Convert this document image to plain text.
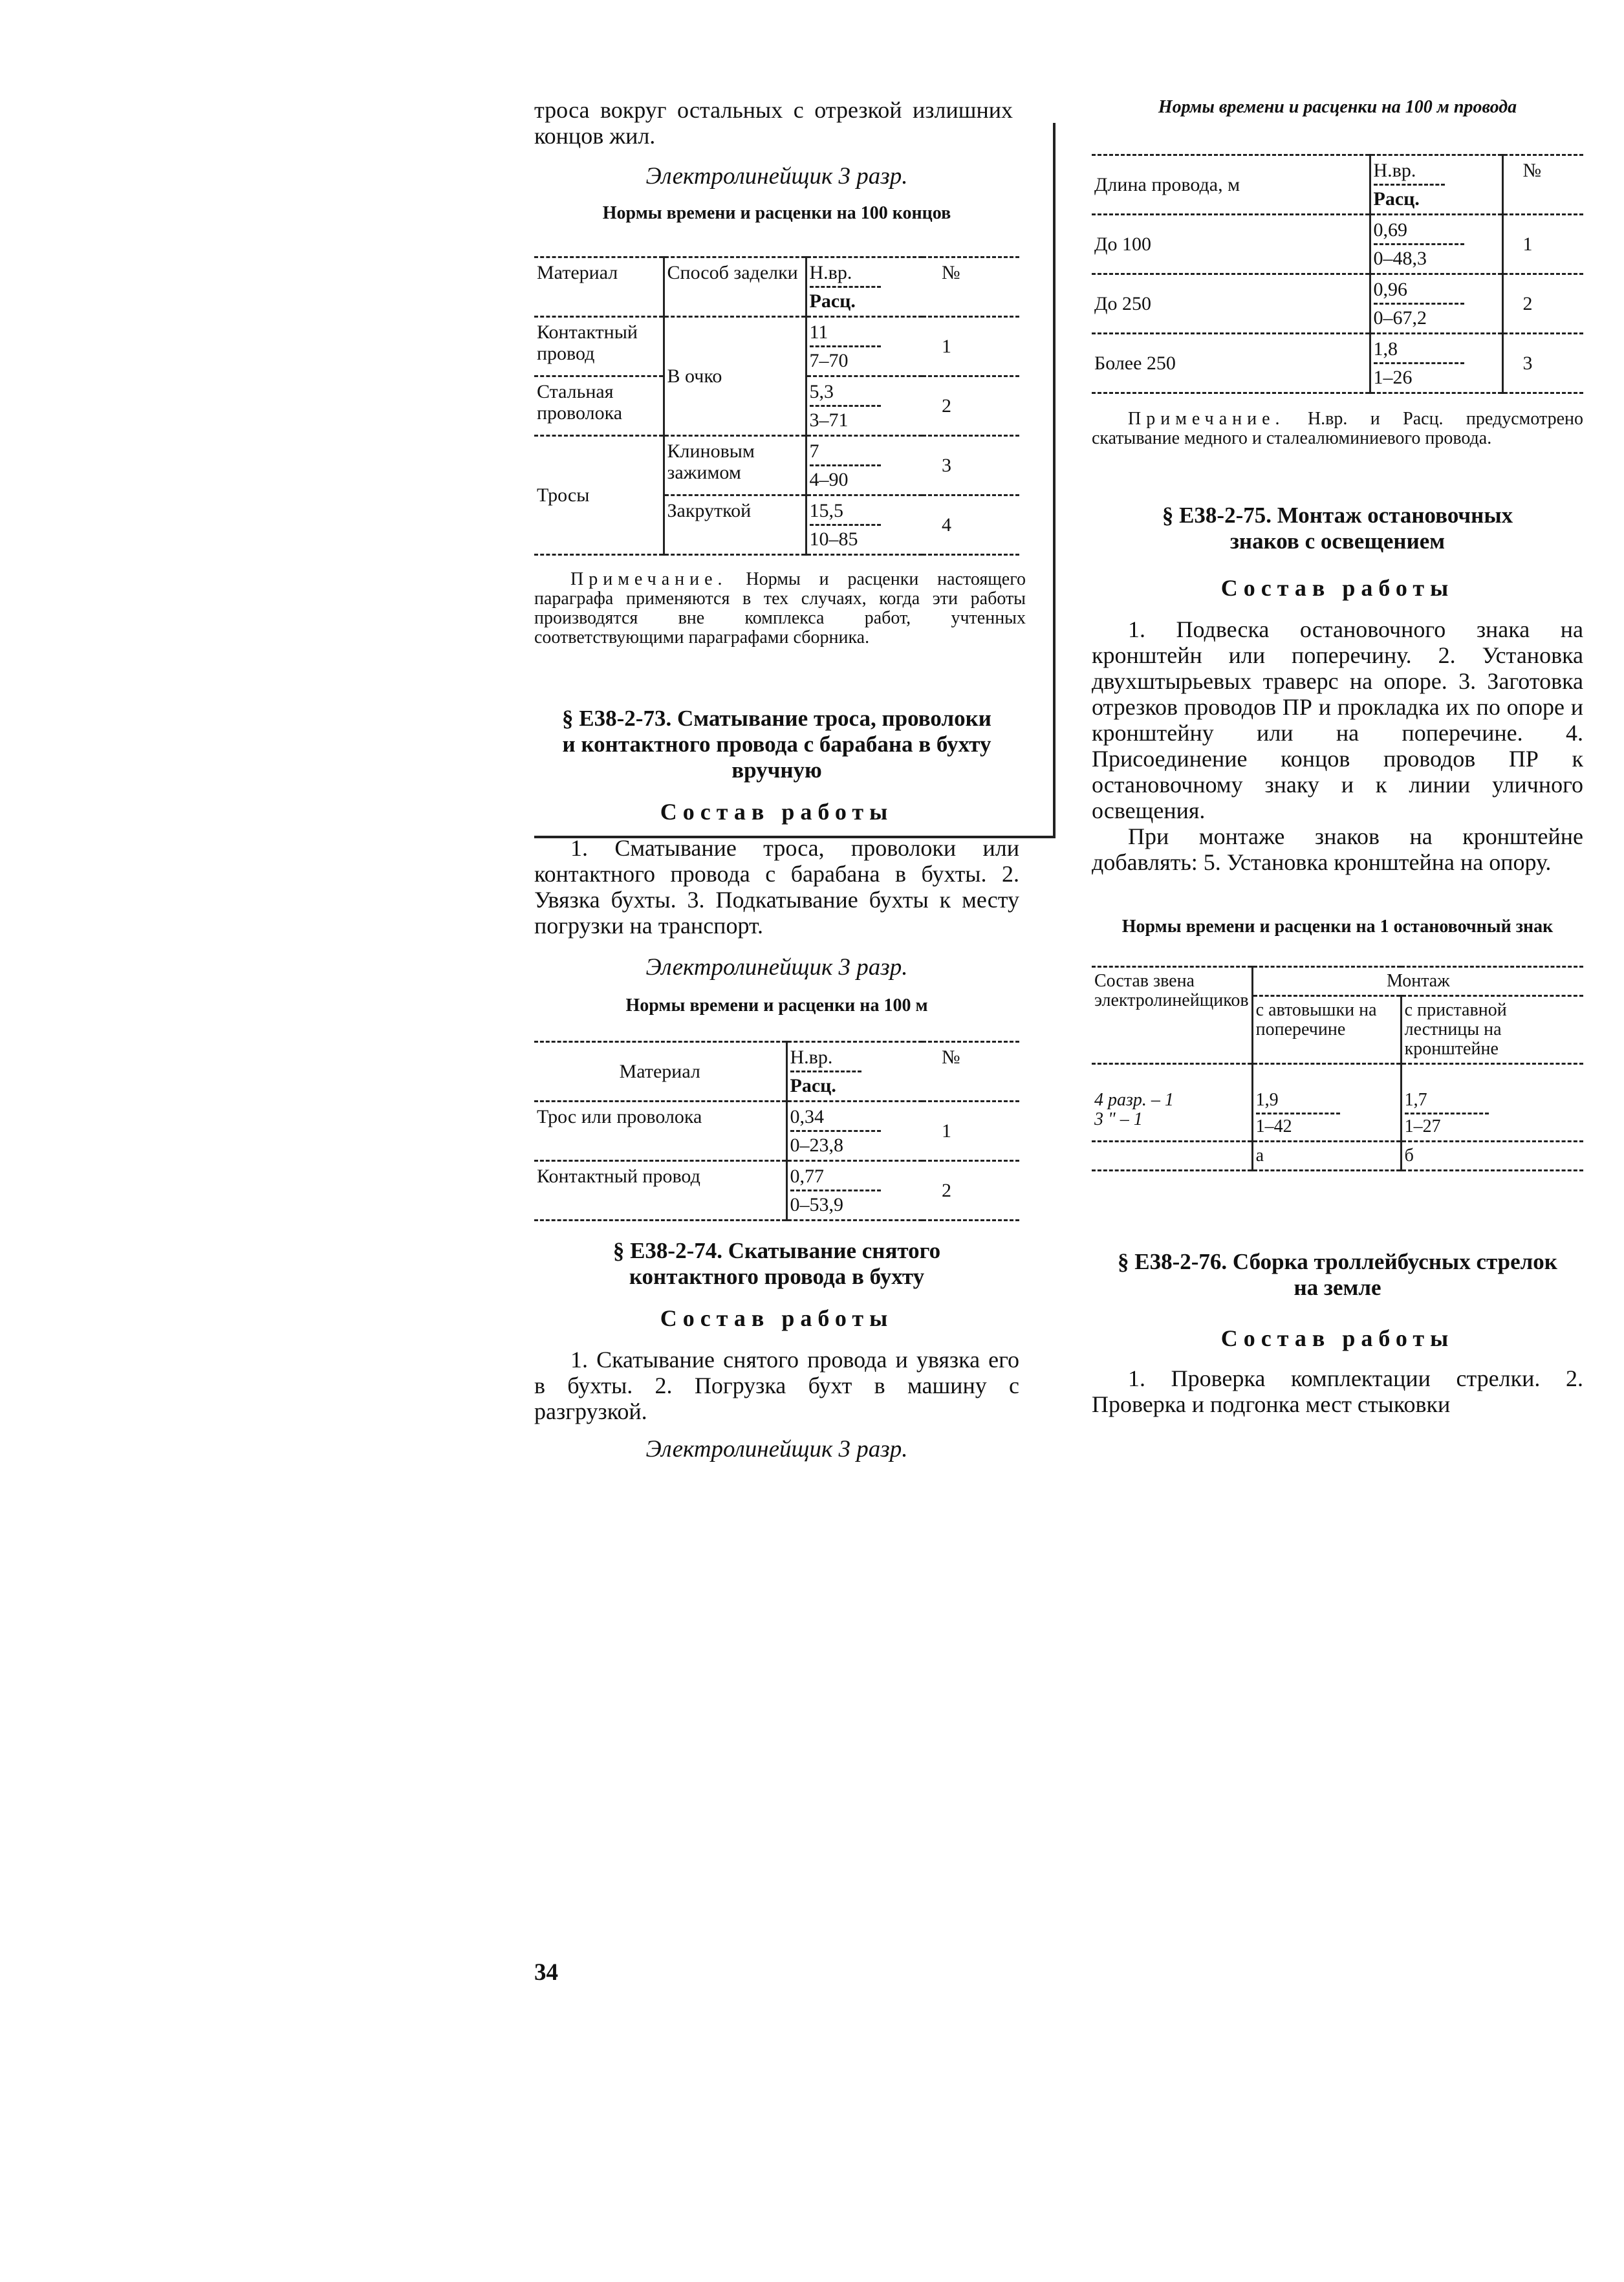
троса вокруг остальных с отрезкой излишних концов жил.

Электролинейщик 3 разр.

Нормы времени и расценки на 100 концов

Материал	Способ заделки	Н.вр.
Расц.	№
Контактный провод	В очко	$\frac{11}{7-70}$	1
Стальная проволока		$\frac{5,3}{3-71}$	2
Тросы	Клиновым зажимом	$\frac{7}{4-90}$	3
	Закруткой	$\frac{15,5}{10-85}$	4

Примечание. Нормы и расценки настоящего параграфа применяются в тех случаях, когда эти работы производятся вне комплекса работ, учтенных соответствующими параграфами сборника.

§ Е38-2-73. Сматывание троса, проволоки и контактного провода с барабана в бухту вручную

Состав работы

1. Сматывание троса, проволоки или контактного провода с барабана в бухты. 2. Увязка бухты. 3. Подкатывание бухты к месту погрузки на транспорт.

Электролинейщик 3 разр.

Нормы времени и расценки на 100 м

Материал	Н.вр.
Расц.	№
Трос или проволока	$\frac{0,34}{0-23,8}$	1
Контактный провод	$\frac{0,77}{0-53,9}$	2

§ Е38-2-74. Скатывание снятого контактного провода в бухту

Состав работы

1. Скатывание снятого провода и увязка его в бухты. 2. Погрузка бухт в машину с разгрузкой.

Электролинейщик 3 разр.

34

Нормы времени и расценки на 100 м провода

Длина провода, м	Н.вр.
Расц.	№
До 100	$\frac{0,69}{0-48,3}$	1
До 250	$\frac{0,96}{0-67,2}$	2
Более 250	$\frac{1,8}{1-26}$	3

Примечание. Н.вр. и Расц. предусмотрено скатывание медного и сталеалюминиевого провода.

§ Е38-2-75. Монтаж остановочных знаков с освещением

Состав работы

1. Подвеска остановочного знака на кронштейн или поперечину. 2. Установка двухштырьевых траверс на опоре. 3. Заготовка отрезков проводов ПР и прокладка их по опоре и кронштейну или на поперечине. 4. Присоединение концов проводов ПР к остановочному знаку и к линии уличного освещения.

При монтаже знаков на кронштейне добавлять: 5. Установка кронштейна на опору.

Нормы времени и расценки на 1 остановочный знак

Состав звена электролинейщиков	Монтаж	
	с автовышки на поперечине	с приставной лестницы на кронштейне

4 разр. – 1
3 " – 1	$\frac{1,9}{1-42}$	$\frac{1,7}{1-27}$

	а	б

§ Е38-2-76. Сборка троллейбусных стрелок на земле

Состав работы

1. Проверка комплектации стрелки. 2. Проверка и подгонка мест стыковки
